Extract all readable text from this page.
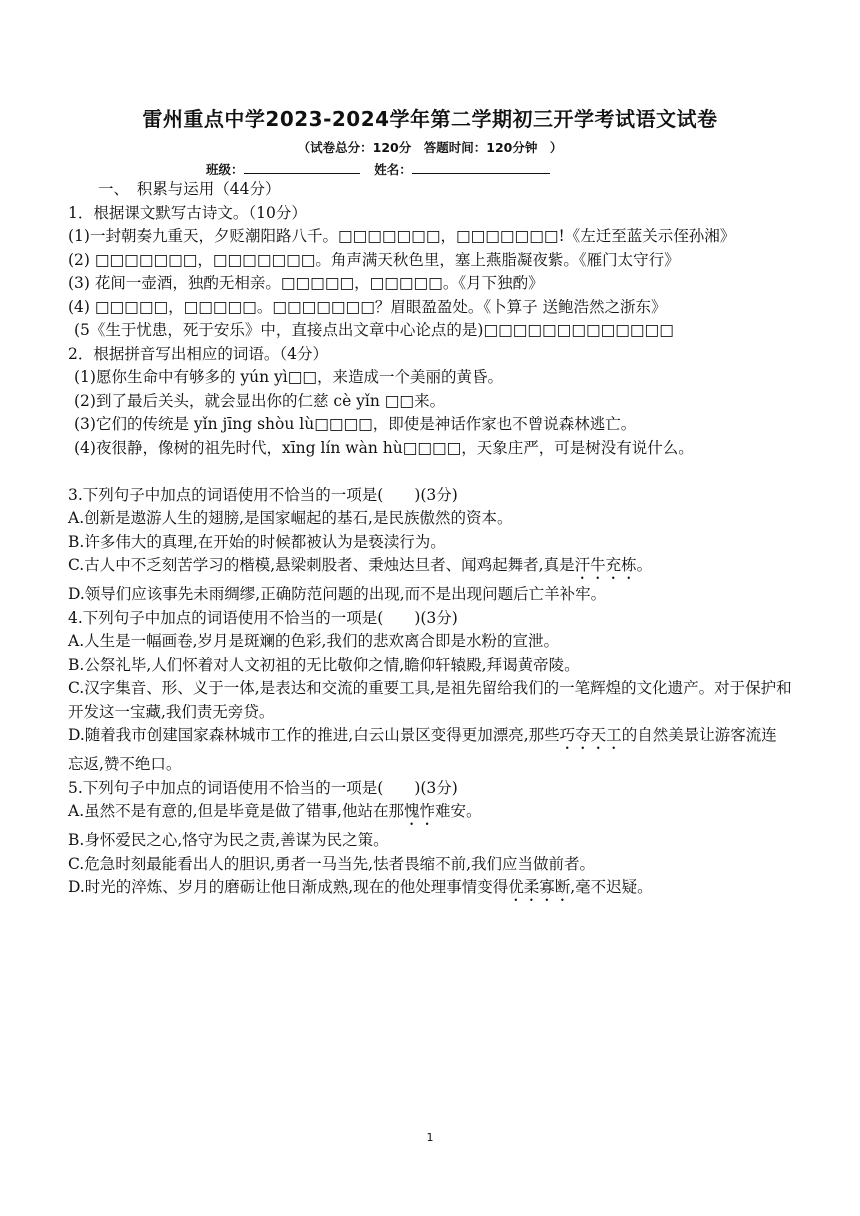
雷州重点中学2023-2024学年第二学期初三开学考试语文试卷
（试卷总分：120分　答题时间：120分钟　）
班级：	姓名：

一、　积累与运用（44分）

1．根据课文默写古诗文。（10分）

(1)一封朝奏九重天，夕贬潮阳路八千。□□□□□□□，□□□□□□□!《左迁至蓝关示侄孙湘》

(2) □□□□□□□，□□□□□□□。角声满天秋色里，塞上燕脂凝夜紫。《雁门太守行》

(3) 花间一壶酒，独酌无相亲。□□□□□，□□□□□。《月下独酌》

(4) □□□□□，□□□□□。□□□□□□□？眉眼盈盈处。《卜算子 送鲍浩然之浙东》

(5《生于忧患，死于安乐》中，直接点出文章中心论点的是)□□□□□□□□□□□□□

2．根据拼音写出相应的词语。（4分）

(1)愿你生命中有够多的 yún yì□□，来造成一个美丽的黄昏。

(2)到了最后关头，就会显出你的仁慈 cè yǐn □□来。

(3)它们的传统是 yǐn jīng shòu lù□□□□，即使是神话作家也不曾说森林逃亡。

(4)夜很静，像树的祖先时代，xīng lín wàn hù□□□□，天象庄严，可是树没有说什么。

3.下列句子中加点的词语使用不恰当的一项是(　　)(3分)

A.创新是遨游人生的翅膀,是国家崛起的基石,是民族傲然的资本。

B.许多伟大的真理,在开始的时候都被认为是亵渎行为。

C.古人中不乏刻苦学习的楷模,悬梁刺股者、秉烛达旦者、闻鸡起舞者,真是汗牛充栋。

D.领导们应该事先未雨绸缪,正确防范问题的出现,而不是出现问题后亡羊补牢。

4.下列句子中加点的词语使用不恰当的一项是(　　)(3分)

A.人生是一幅画卷,岁月是斑斓的色彩,我们的悲欢离合即是水粉的宣泄。

B.公祭礼毕,人们怀着对人文初祖的无比敬仰之情,瞻仰轩辕殿,拜谒黄帝陵。

C.汉字集音、形、义于一体,是表达和交流的重要工具,是祖先留给我们的一笔辉煌的文化遗产。对于保护和开发这一宝藏,我们责无旁贷。

D.随着我市创建国家森林城市工作的推进,白云山景区变得更加漂亮,那些巧夺天工的自然美景让游客流连忘返,赞不绝口。

5.下列句子中加点的词语使用不恰当的一项是(　　)(3分)

A.虽然不是有意的,但是毕竟是做了错事,他站在那愧怍难安。

B.身怀爱民之心,恪守为民之责,善谋为民之策。

C.危急时刻最能看出人的胆识,勇者一马当先,怯者畏缩不前,我们应当做前者。

D.时光的淬炼、岁月的磨砺让他日渐成熟,现在的他处理事情变得优柔寡断,毫不迟疑。

1
